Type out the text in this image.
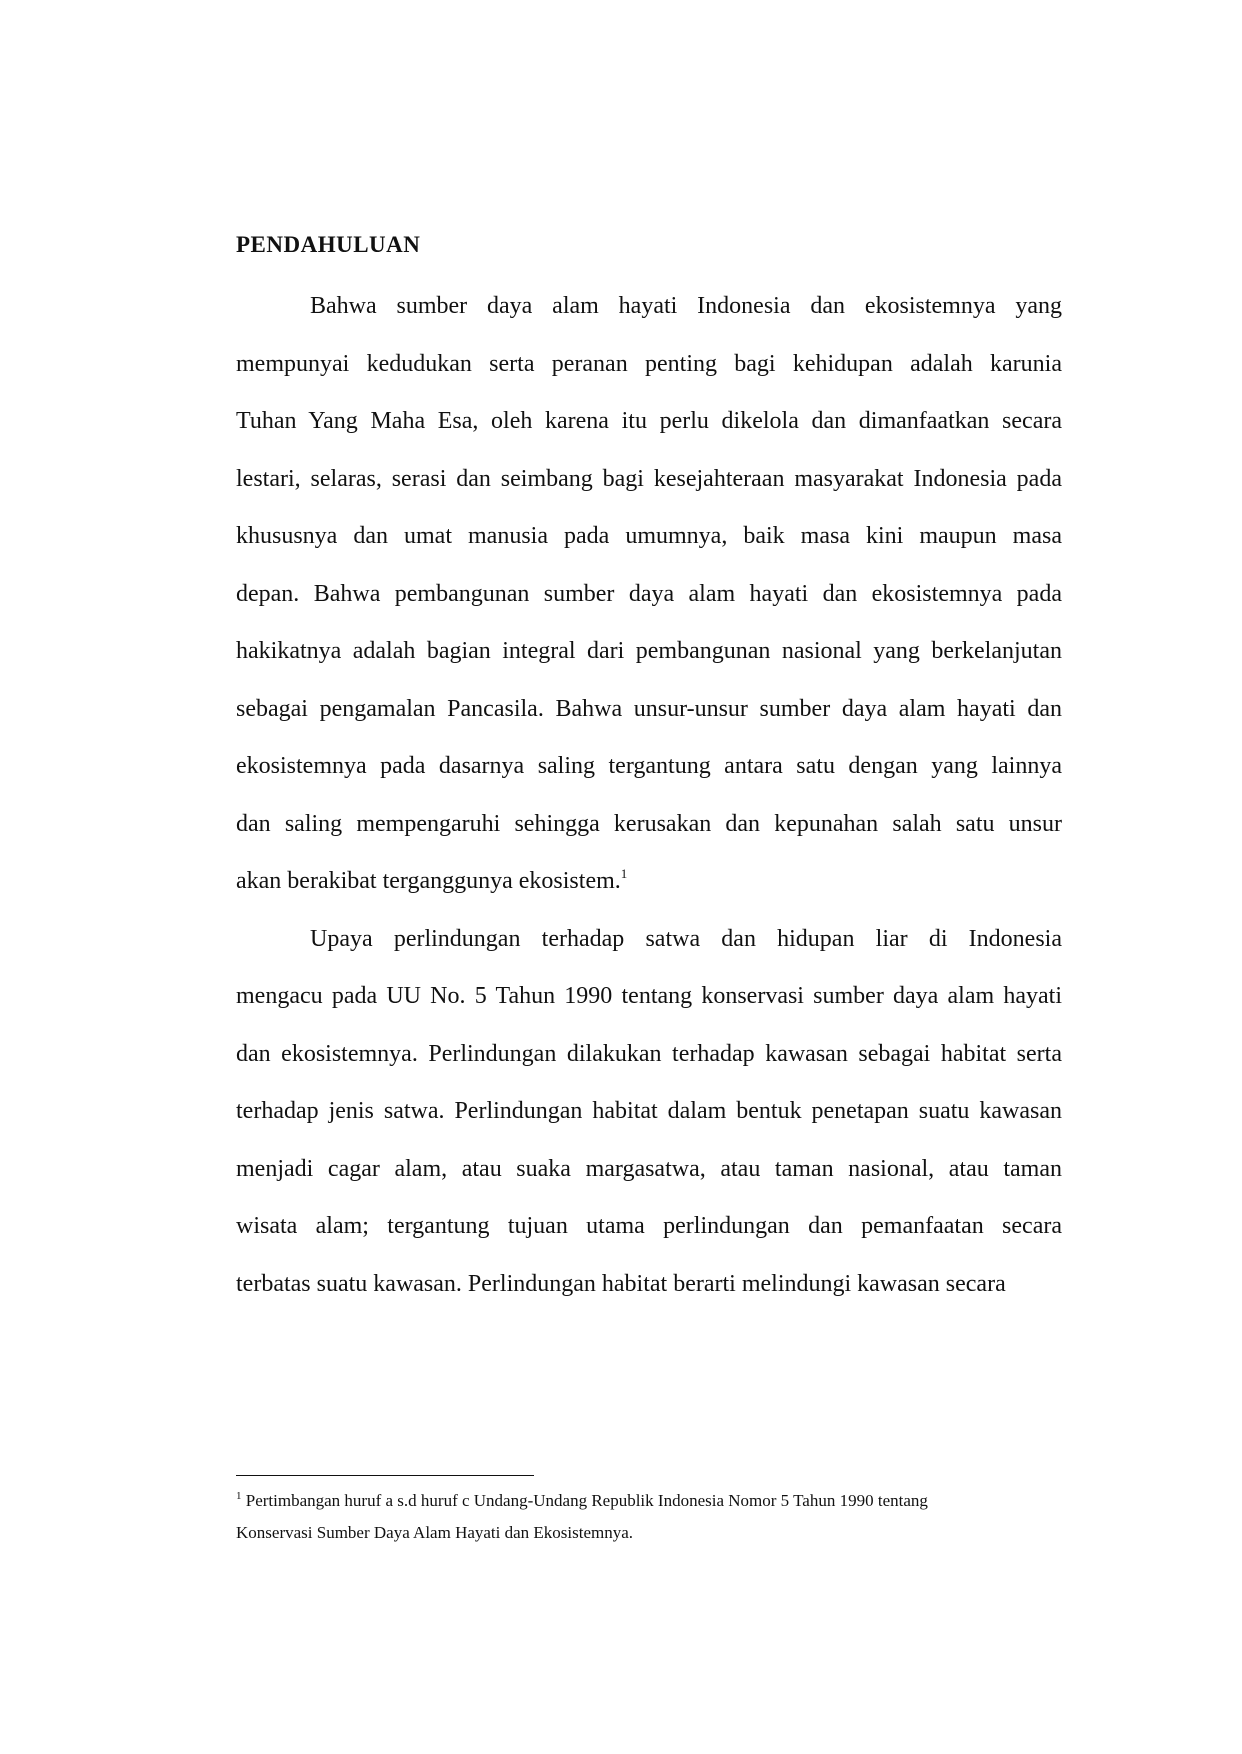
PENDAHULUAN
Bahwa sumber daya alam hayati Indonesia dan ekosistemnya yang
mempunyai kedudukan serta peranan penting bagi kehidupan adalah karunia
Tuhan Yang Maha Esa, oleh karena itu perlu dikelola dan dimanfaatkan secara
lestari, selaras, serasi dan seimbang bagi kesejahteraan masyarakat Indonesia pada
khususnya dan umat manusia pada umumnya, baik masa kini maupun masa
depan. Bahwa pembangunan sumber daya alam hayati dan ekosistemnya pada
hakikatnya adalah bagian integral dari pembangunan nasional yang berkelanjutan
sebagai pengamalan Pancasila. Bahwa unsur-unsur sumber daya alam hayati dan
ekosistemnya pada dasarnya saling tergantung antara satu dengan yang lainnya
dan saling mempengaruhi sehingga kerusakan dan kepunahan salah satu unsur
akan berakibat terganggunya ekosistem.$^1$
Upaya perlindungan terhadap satwa dan hidupan liar di Indonesia
mengacu pada UU No. 5 Tahun 1990 tentang konservasi sumber daya alam hayati
dan ekosistemnya. Perlindungan dilakukan terhadap kawasan sebagai habitat serta
terhadap jenis satwa. Perlindungan habitat dalam bentuk penetapan suatu kawasan
menjadi cagar alam, atau suaka margasatwa, atau taman nasional, atau taman
wisata alam; tergantung tujuan utama perlindungan dan pemanfaatan secara
terbatas suatu kawasan. Perlindungan habitat berarti melindungi kawasan secara
$^1$ Pertimbangan huruf a s.d huruf c Undang-Undang Republik Indonesia Nomor 5 Tahun 1990 tentang
Konservasi Sumber Daya Alam Hayati dan Ekosistemnya.
